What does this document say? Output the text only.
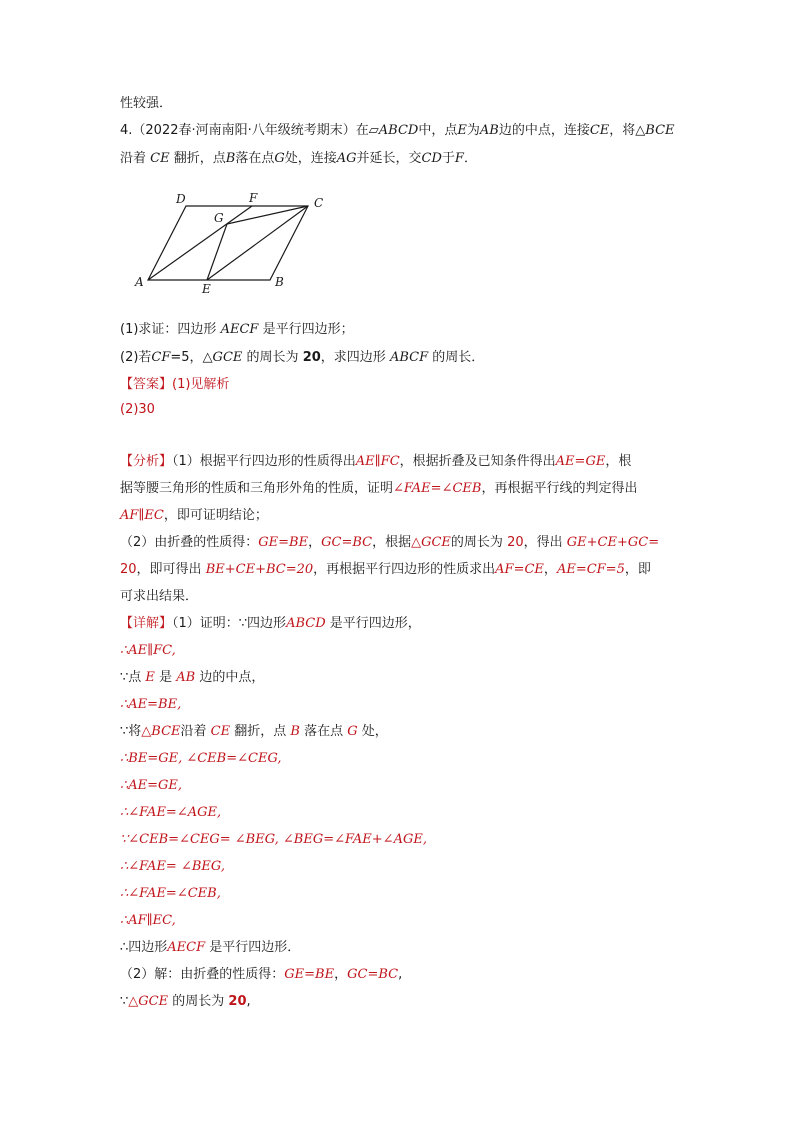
性较强．
4.（2022春·河南南阳·八年级统考期末）在▱ABCD中，点E为AB边的中点，连接CE，将△BCE
沿着 CE 翻折，点B落在点G处，连接AG并延长，交CD于F．
A
D	F
G
C
E	B
(1)求证：四边形 AECF 是平行四边形；
(2)若CF=5，△GCE 的周长为 20，求四边形 ABCF 的周长．
【答案】(1)见解析
(2)30
【分析】（1）根据平行四边形的性质得出AE∥FC，根据折叠及已知条件得出AE=GE，根
据等腰三角形的性质和三角形外角的性质，证明∠FAE=∠CEB，再根据平行线的判定得出
AF∥EC，即可证明结论；
（2）由折叠的性质得：GE=BE，GC=BC，根据△GCE的周长为 20，得出 GE+CE+GC=
20，即可得出 BE+CE+BC=20，再根据平行四边形的性质求出AF=CE，AE=CF=5，即
可求出结果．
【详解】（1）证明：∵四边形ABCD 是平行四边形，
∴AE∥FC,
∵点 E 是 AB 边的中点，
∴AE=BE,
∵将△BCE沿着 CE 翻折，点 B 落在点 G 处，
∴BE=GE, ∠CEB=∠CEG,
∴AE=GE,
∴∠FAE=∠AGE,
∵∠CEB=∠CEG= ∠BEG, ∠BEG=∠FAE+∠AGE,
∴∠FAE= ∠BEG,
∴∠FAE=∠CEB,
∴AF∥EC,
∴四边形AECF 是平行四边形．
（2）解：由折叠的性质得：GE=BE，GC=BC,
∵△GCE 的周长为 20,
